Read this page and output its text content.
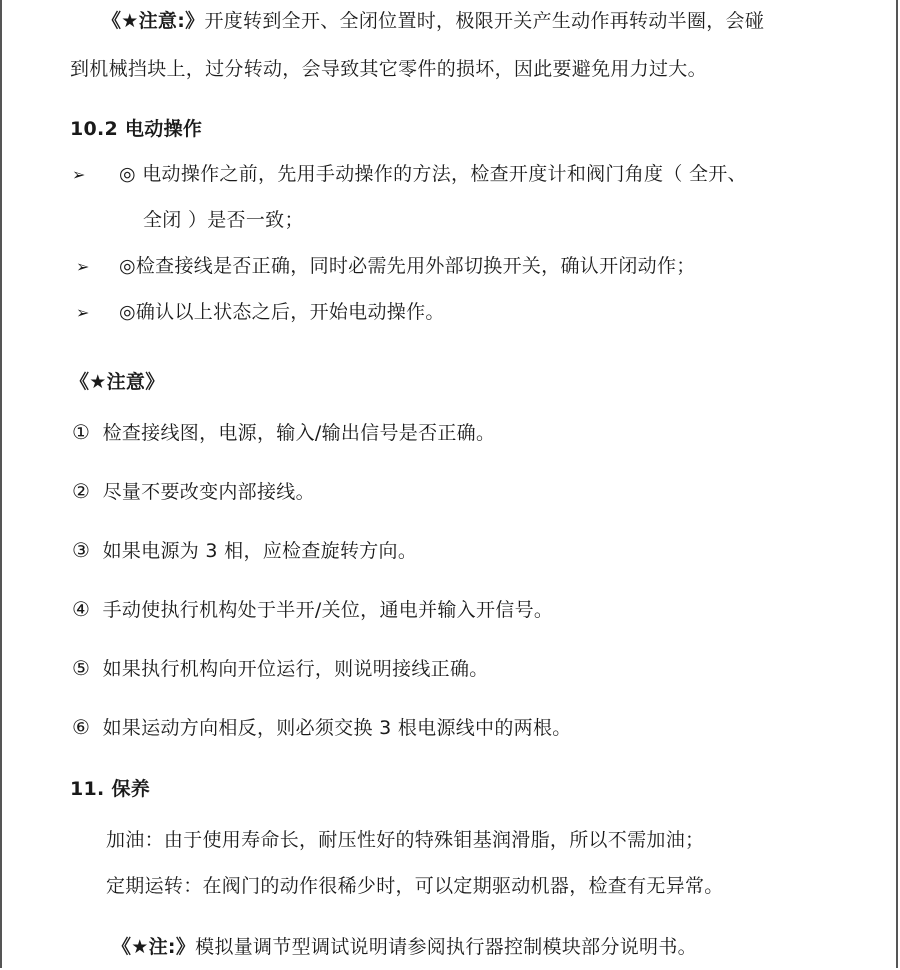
《★注意:》开度转到全开、全闭位置时，极限开关产生动作再转动半圈，会碰
到机械挡块上，过分转动，会导致其它零件的损坏，因此要避免用力过大。
10.2 电动操作
➢ ◎ 电动操作之前，先用手动操作的方法，检查开度计和阀门角度（ 全开、
全闭 ）是否一致；
➢ ◎检查接线是否正确，同时必需先用外部切换开关，确认开闭动作；
➢ ◎确认以上状态之后，开始电动操作。
《★注意》
① 检查接线图，电源，输入/输出信号是否正确。
② 尽量不要改变内部接线。
③ 如果电源为 3 相，应检查旋转方向。
④ 手动使执行机构处于半开/关位，通电并输入开信号。
⑤ 如果执行机构向开位运行，则说明接线正确。
⑥ 如果运动方向相反，则必须交换 3 根电源线中的两根。
11. 保养
加油：由于使用寿命长，耐压性好的特殊钼基润滑脂，所以不需加油；
定期运转：在阀门的动作很稀少时，可以定期驱动机器，检查有无异常。
《★注:》模拟量调节型调试说明请参阅执行器控制模块部分说明书。
